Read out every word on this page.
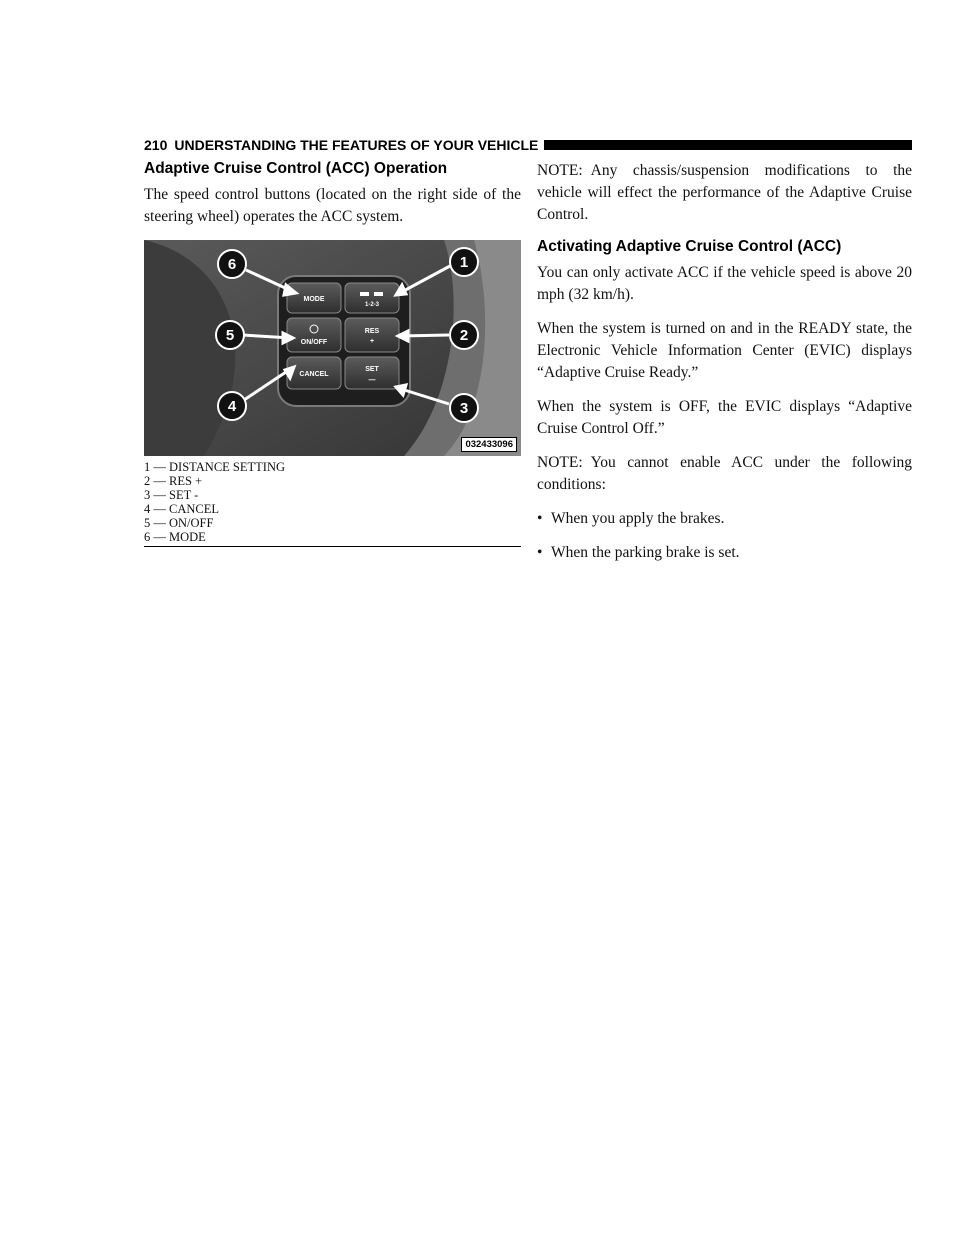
210 UNDERSTANDING THE FEATURES OF YOUR VEHICLE
Adaptive Cruise Control (ACC) Operation

The speed control buttons (located on the right side of the steering wheel) operates the ACC system.

MODE
1-2-3
ON/OFF
RES
+
CANCEL
SET
—
6	1
5	2
4	3
032433096
1 — DISTANCE SETTING
2 — RES +
3 — SET -
4 — CANCEL
5 — ON/OFF
6 — MODE

NOTE: Any chassis/suspension modifications to the vehicle will effect the performance of the Adaptive Cruise Control.

Activating Adaptive Cruise Control (ACC)

You can only activate ACC if the vehicle speed is above 20 mph (32 km/h).

When the system is turned on and in the READY state, the Electronic Vehicle Information Center (EVIC) displays “Adaptive Cruise Ready.”

When the system is OFF, the EVIC displays “Adaptive Cruise Control Off.”

NOTE: You cannot enable ACC under the following conditions:

• When you apply the brakes.
• When the parking brake is set.
